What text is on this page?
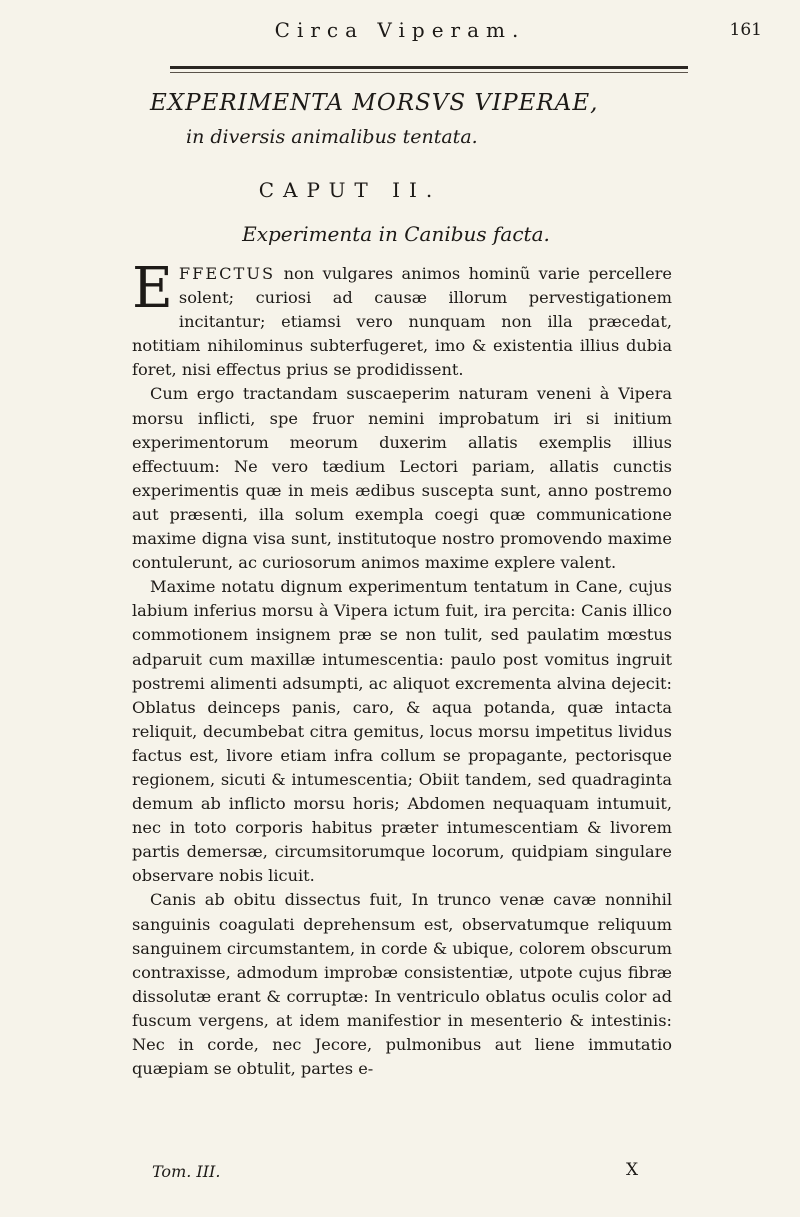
Circa Viperam.	161
EXPERIMENTA MORSVS VIPERAE,
in diversis animalibus tentata.
CAPUT II.
Experimenta in Canibus facta.

EFFECTUS non vulgares animos hominũ varie percellere solent; curiosi ad causæ illorum pervestigationem incitantur; etiamsi vero nunquam non illa præcedat, notitiam nihilominus subterfugeret, imo & existentia illius dubia foret, nisi effectus prius se prodidissent.

Cum ergo tractandam suscaeperim naturam veneni à Vipera morsu inflicti, spe fruor nemini improbatum iri si initium experimentorum meorum duxerim allatis exemplis illius effectuum: Ne vero tædium Lectori pariam, allatis cunctis experimentis quæ in meis ædibus suscepta sunt, anno postremo aut præsenti, illa solum exempla coegi quæ communicatione maxime digna visa sunt, institutoque nostro promovendo maxime contulerunt, ac curiosorum animos maxime explere valent.

Maxime notatu dignum experimentum tentatum in Cane, cujus labium inferius morsu à Vipera ictum fuit, ira percita: Canis illico commotionem insignem præ se non tulit, sed paulatim mœstus adparuit cum maxillæ intumescentia: paulo post vomitus ingruit postremi alimenti adsumpti, ac aliquot excrementa alvina dejecit: Oblatus deinceps panis, caro, & aqua potanda, quæ intacta reliquit, decumbebat citra gemitus, locus morsu impetitus lividus factus est, livore etiam infra collum se propagante, pectorisque regionem, sicuti & intumescentia; Obiit tandem, sed quadraginta demum ab inflicto morsu horis; Abdomen nequaquam intumuit, nec in toto corporis habitus præter intumescentiam & livorem partis demersæ, circumsitorumque locorum, quidpiam singulare observare nobis licuit.

Canis ab obitu dissectus fuit, In trunco venæ cavæ nonnihil sanguinis coagulati deprehensum est, observatumque reliquum sanguinem circumstantem, in corde & ubique, colorem obscurum contraxisse, admodum improbæ consistentiæ, utpote cujus fibræ dissolutæ erant & corruptæ: In ventriculo oblatus oculis color ad fuscum vergens, at idem manifestior in mesenterio & intestinis: Nec in corde, nec Jecore, pulmonibus aut liene immutatio quæpiam se obtulit, partes e-

Tom. III.	X
